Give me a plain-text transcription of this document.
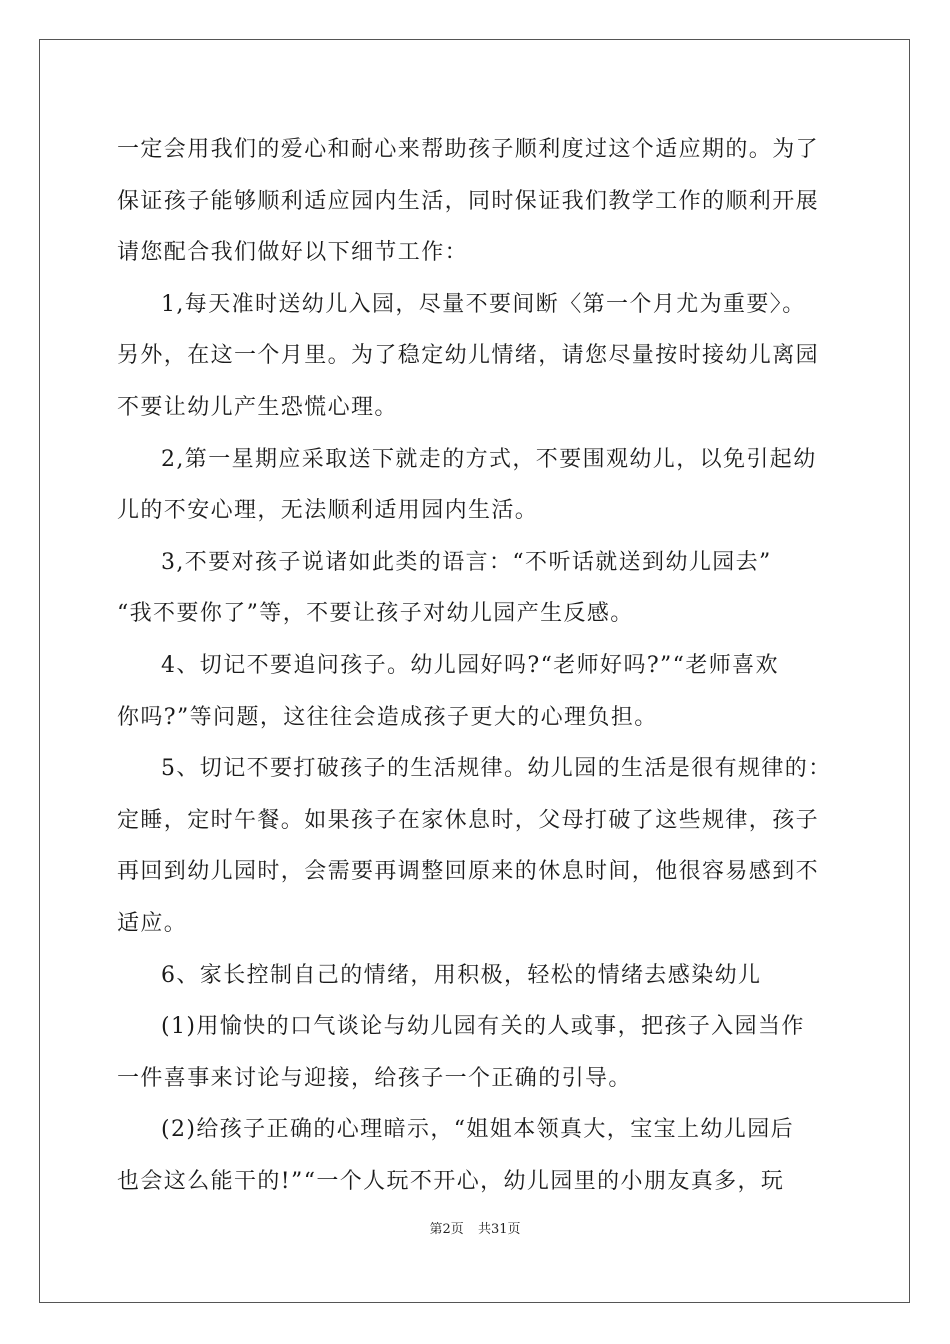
一定会用我们的爱心和耐心来帮助孩子顺利度过这个适应期的。为了
保证孩子能够顺利适应园内生活，同时保证我们教学工作的顺利开展
请您配合我们做好以下细节工作：
1,每天准时送幼儿入园，尽量不要间断〈第一个月尤为重要〉。
另外，在这一个月里。为了稳定幼儿情绪，请您尽量按时接幼儿离园
不要让幼儿产生恐慌心理。
2,第一星期应采取送下就走的方式，不要围观幼儿，以免引起幼
儿的不安心理，无法顺利适用园内生活。
3,不要对孩子说诸如此类的语言：“不听话就送到幼儿园去”
“我不要你了”等，不要让孩子对幼儿园产生反感。
4、切记不要追问孩子。幼儿园好吗?“老师好吗?”“老师喜欢
你吗?”等问题，这往往会造成孩子更大的心理负担。
5、切记不要打破孩子的生活规律。幼儿园的生活是很有规律的：
定睡，定时午餐。如果孩子在家休息时，父母打破了这些规律，孩子
再回到幼儿园时，会需要再调整回原来的休息时间，他很容易感到不
适应。
6、家长控制自己的情绪，用积极，轻松的情绪去感染幼儿
(1)用愉快的口气谈论与幼儿园有关的人或事，把孩子入园当作
一件喜事来讨论与迎接，给孩子一个正确的引导。
(2)给孩子正确的心理暗示，“姐姐本领真大，宝宝上幼儿园后
也会这么能干的!”“一个人玩不开心，幼儿园里的小朋友真多，玩
第2页 共31页
